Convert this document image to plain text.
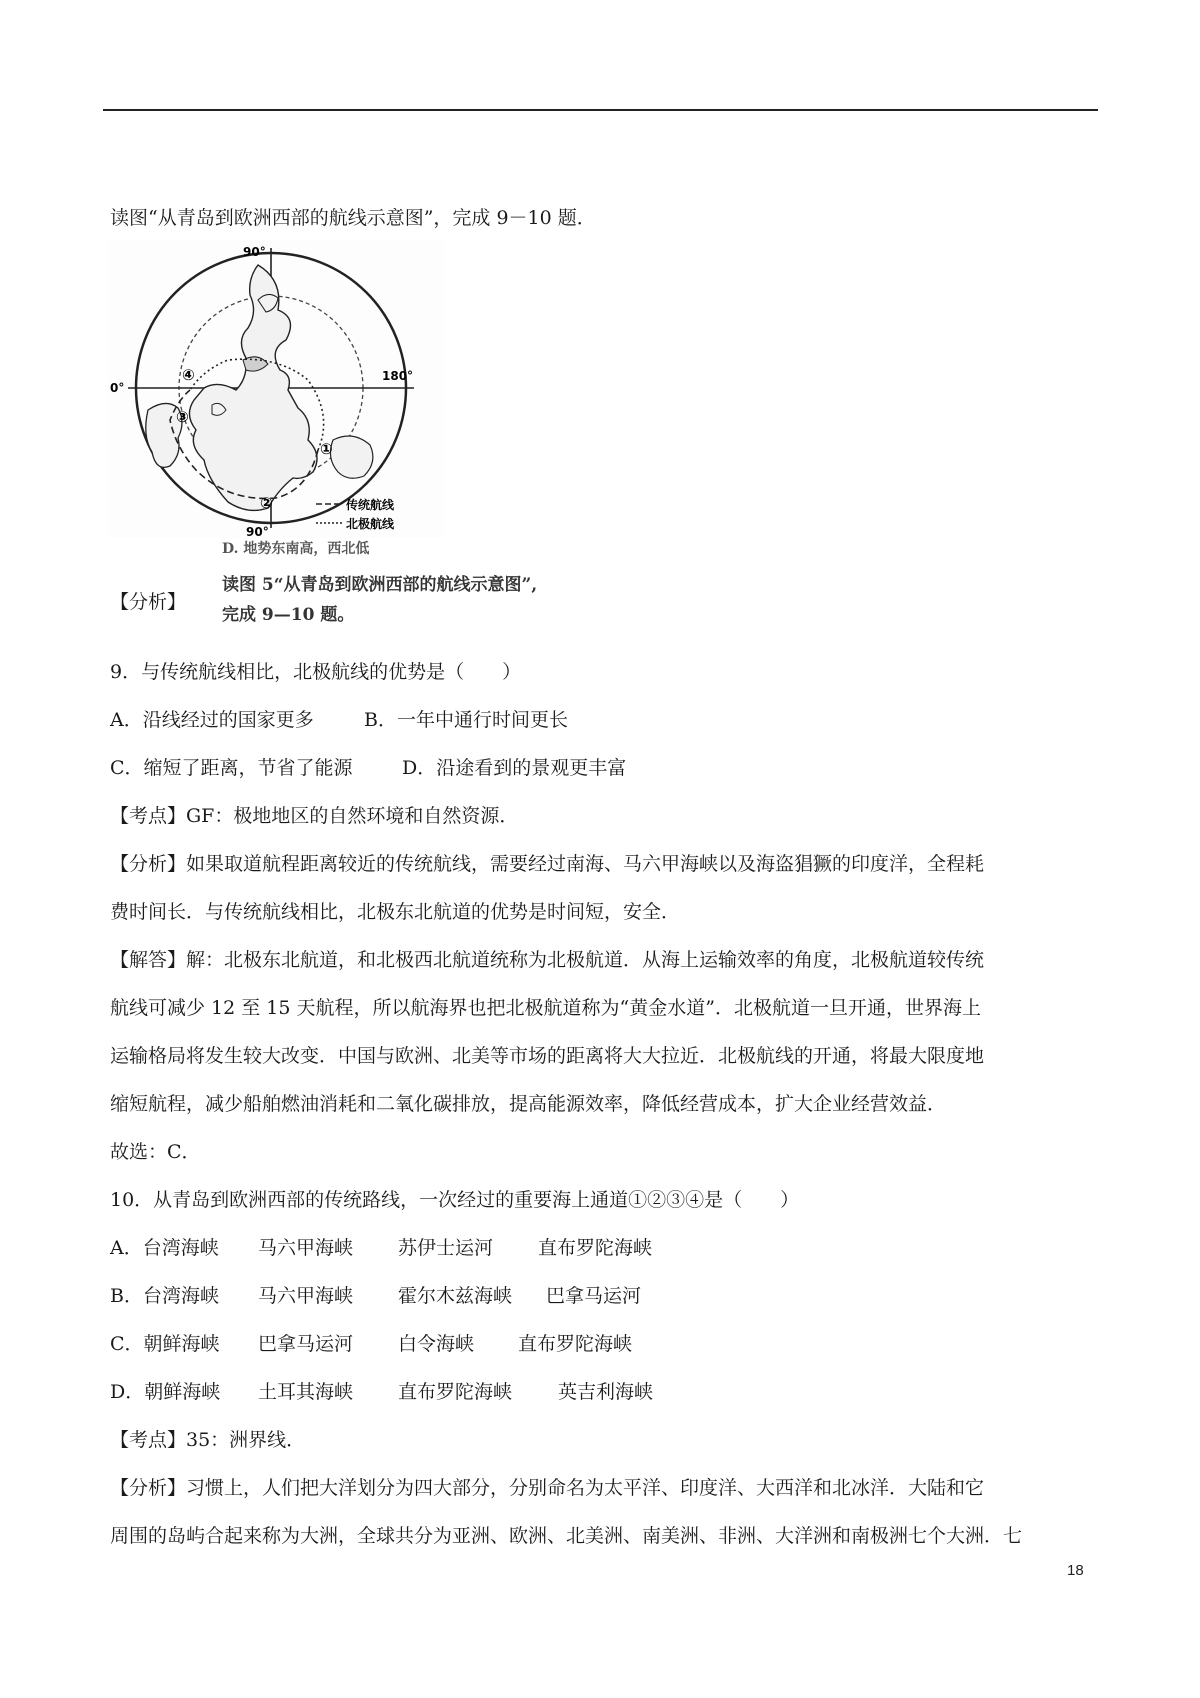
读图“从青岛到欧洲西部的航线示意图”，完成 9－10 题．
90°
90°
0°
180°
①
②
③
④
传统航线
北极航线
D. 地势东南高，西北低
读图 5“从青岛到欧洲西部的航线示意图”,
完成 9—10 题。
【分析】
9．与传统航线相比，北极航线的优势是（　　）
A．沿线经过的国家更多	B．一年中通行时间更长
C．缩短了距离，节省了能源	D．沿途看到的景观更丰富
【考点】GF：极地地区的自然环境和自然资源．
【分析】如果取道航程距离较近的传统航线，需要经过南海、马六甲海峡以及海盗猖獗的印度洋，全程耗
费时间长．与传统航线相比，北极东北航道的优势是时间短，安全．
【解答】解：北极东北航道，和北极西北航道统称为北极航道．从海上运输效率的角度，北极航道较传统
航线可减少 12 至 15 天航程，所以航海界也把北极航道称为“黄金水道”．北极航道一旦开通，世界海上
运输格局将发生较大改变．中国与欧洲、北美等市场的距离将大大拉近．北极航线的开通，将最大限度地
缩短航程，减少船舶燃油消耗和二氧化碳排放，提高能源效率，降低经营成本，扩大企业经营效益．
故选：C．
10．从青岛到欧洲西部的传统路线，一次经过的重要海上通道①②③④是（　　）
A．台湾海峡 马六甲海峡 苏伊士运河 直布罗陀海峡
B．台湾海峡 马六甲海峡 霍尔木兹海峡 巴拿马运河
C．朝鲜海峡 巴拿马运河 白令海峡 直布罗陀海峡
D．朝鲜海峡 土耳其海峡 直布罗陀海峡 英吉利海峡
【考点】35：洲界线．
【分析】习惯上，人们把大洋划分为四大部分，分别命名为太平洋、印度洋、大西洋和北冰洋．大陆和它
周围的岛屿合起来称为大洲，全球共分为亚洲、欧洲、北美洲、南美洲、非洲、大洋洲和南极洲七个大洲．七
18
